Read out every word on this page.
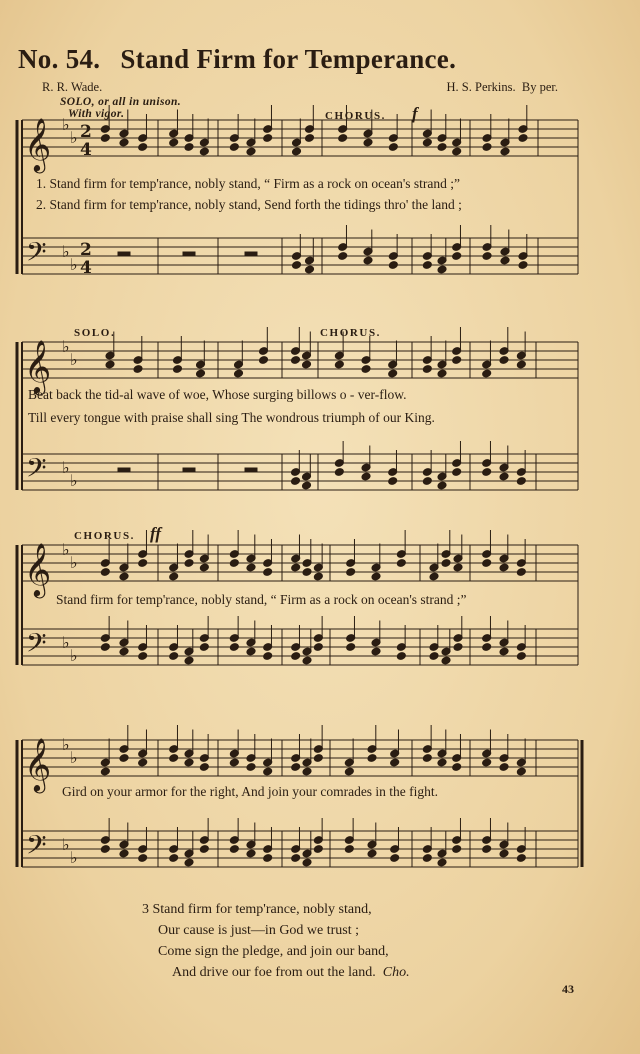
No. 54. Stand Firm for Temperance.
R. R. Wade.	H. S. Perkins. By per.
𝄞 ♭
♭ 2
4
𝄢 ♭
♭
2
4
𝄞 ♭
♭
𝄢 ♭
♭
𝄞 ♭
♭
𝄢 ♭
♭
𝄞 ♭
♭
𝄢 ♭
♭
SOLO, or all in unison.
With vigor.	CHORUS. f
1. Stand firm for temp'rance, nobly stand, “ Firm as a rock on ocean's strand ;”
2. Stand firm for temp'rance, nobly stand, Send forth the tidings thro' the land ;
SOLO.	CHORUS.
Beat back the tid-al wave of woe, Whose surging billows o - ver-flow.
Till every tongue with praise shall sing The wondrous triumph of our King.
CHORUS. ff
Stand firm for temp'rance, nobly stand, “ Firm as a rock on ocean's strand ;”
Gird on your armor for the right, And join your comrades in the fight.
3 Stand firm for temp'rance, nobly stand,
Our cause is just—in God we trust ;
Come sign the pledge, and join our band,
And drive our foe from out the land. Cho.
43
